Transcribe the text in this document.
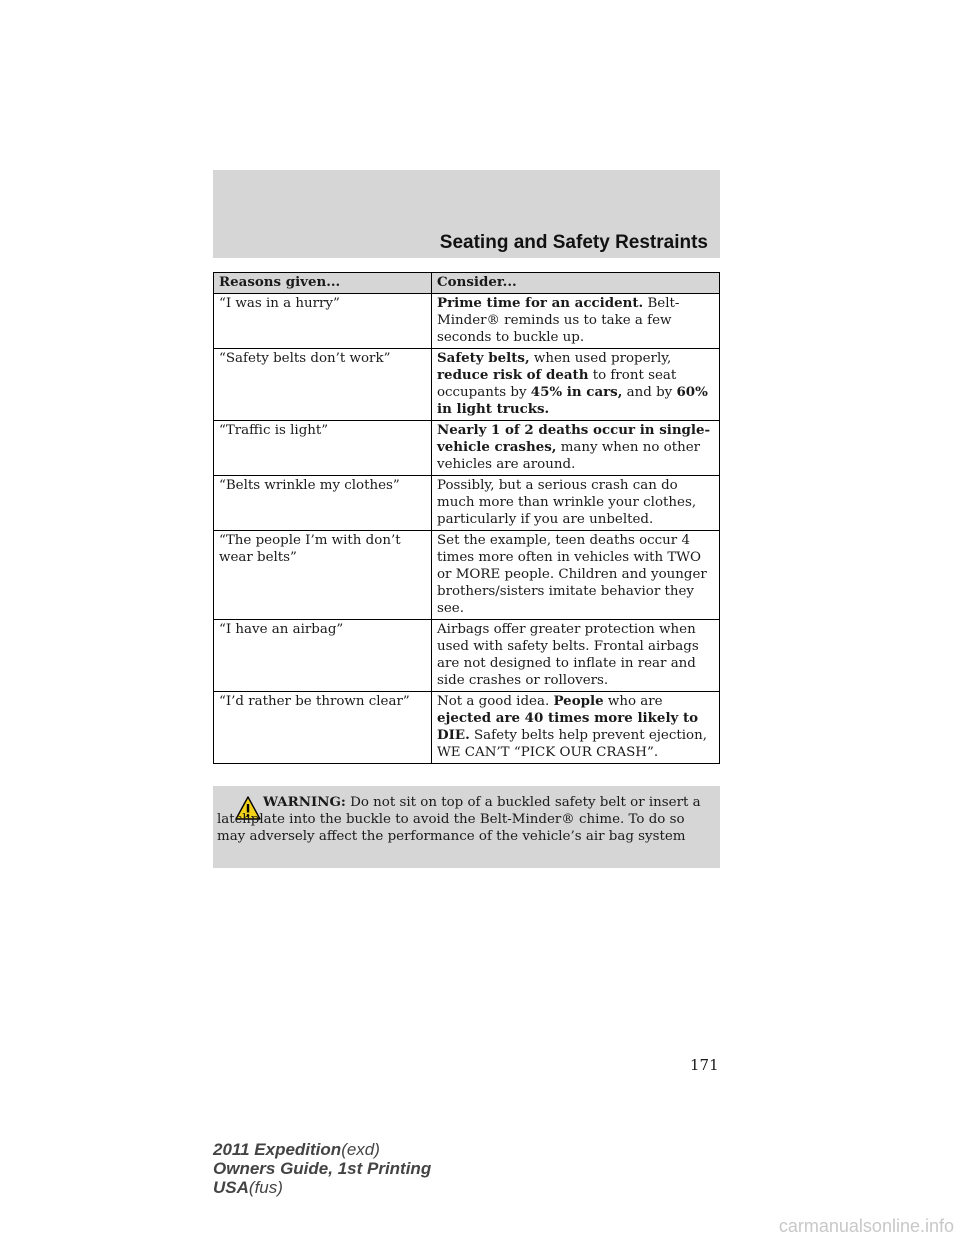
Seating and Safety Restraints
Reasons given...	Consider...
“I was in a hurry”	Prime time for an accident. Belt-Minder® reminds us to take a few seconds to buckle up.
“Safety belts don’t work”	Safety belts, when used properly, reduce risk of death to front seat occupants by 45% in cars, and by 60% in light trucks.
“Traffic is light”	Nearly 1 of 2 deaths occur in single-vehicle crashes, many when no other vehicles are around.
“Belts wrinkle my clothes”	Possibly, but a serious crash can do much more than wrinkle your clothes, particularly if you are unbelted.
“The people I’m with don’t wear belts”	Set the example, teen deaths occur 4 times more often in vehicles with TWO or MORE people. Children and younger brothers/sisters imitate behavior they see.
“I have an airbag”	Airbags offer greater protection when used with safety belts. Frontal airbags are not designed to inflate in rear and side crashes or rollovers.
“I’d rather be thrown clear”	Not a good idea. People who are ejected are 40 times more likely to DIE. Safety belts help prevent ejection, WE CAN’T “PICK OUR CRASH”.
WARNING: Do not sit on top of a buckled safety belt or insert a latchplate into the buckle to avoid the Belt-Minder® chime. To do so may adversely affect the performance of the vehicle’s air bag system
171
2011 Expedition(exd)
Owners Guide, 1st Printing
USA(fus)
carmanualsonline.info
